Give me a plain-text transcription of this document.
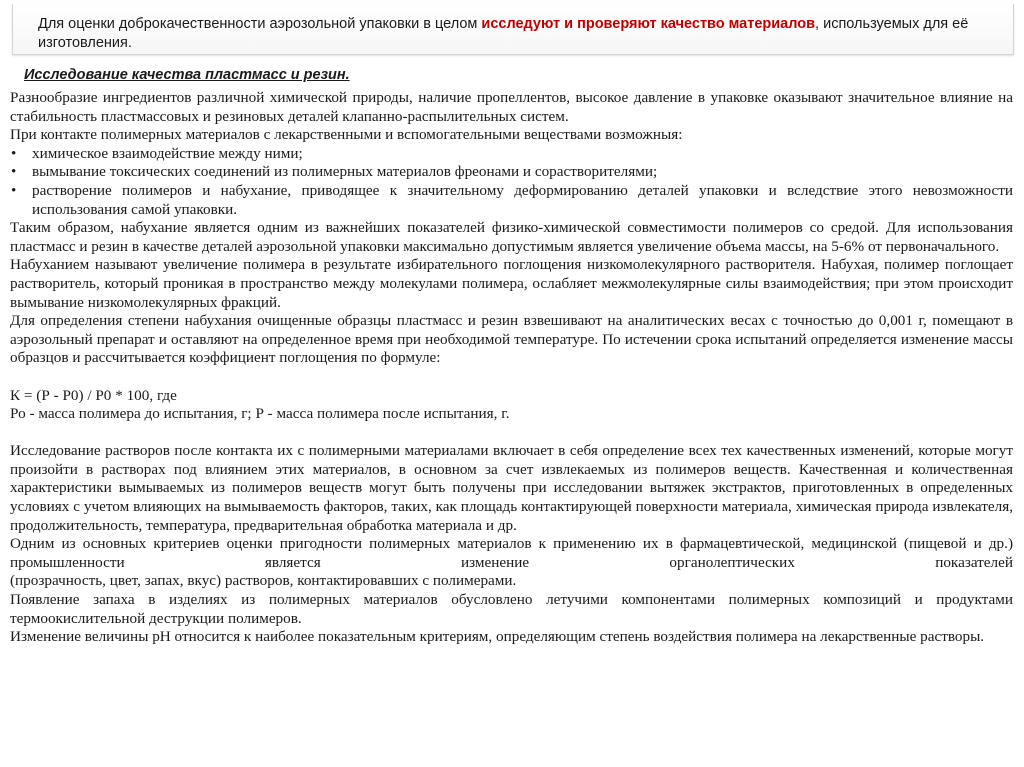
Для оценки доброкачественности аэрозольной упаковки в целом исследуют и проверяют качество материалов, используемых для её изготовления.

Исследование качества пластмасс и резин.

Разнообразие ингредиентов различной химической природы, наличие пропеллентов, высокое давление в упаковке оказывают значительное влияние на стабильность пластмассовых и резиновых деталей клапанно-распылительных систем.

При контакте полимерных материалов с лекарственными и вспомогательными веществами возможныя:

• химическое взаимодействие между ними;
• вымывание токсических соединений из полимерных материалов фреонами и сорастворителями;
• растворение полимеров и набухание, приводящее к значительному деформированию деталей упаковки и вследствие этого невозможности использования самой упаковки.

Таким образом, набухание является одним из важнейших показателей физико-химической совместимости полимеров со средой. Для использования пластмасс и резин в качестве деталей аэрозольной упаковки максимально допустимым является увеличение объема массы, на 5-6% от первоначального.

Набуханием называют увеличение полимера в результате избирательного поглощения низкомолекулярного растворителя. Набухая, полимер поглощает растворитель, который проникая в пространство между молекулами полимера, ослабляет межмолекулярные силы взаимодействия; при этом происходит вымывание низкомолекулярных фракций.

Для определения степени набухания очищенные образцы пластмасс и резин взвешивают на аналитических весах с точностью до 0,001 г, помещают в аэрозольный препарат и оставляют на определенное время при необходимой температуре. По истечении срока испытаний определяется изменение массы образцов и рассчитывается коэффициент поглощения по формуле:

К = (Р - Р0) / Р0 * 100, где

Ро - масса полимера до испытания, г; Р - масса полимера после испытания, г.

Исследование растворов после контакта их с полимерными материалами включает в себя определение всех тех качественных изменений, которые могут произойти в растворах под влиянием этих материалов, в основном за счет извлекаемых из полимеров веществ. Качественная и количественная характеристики вымываемых из полимеров веществ могут быть получены при исследовании вытяжек экстрактов, приготовленных в определенных условиях с учетом влияющих на вымываемость факторов, таких, как площадь контактирующей поверхности материала, химическая природа извлекателя, продолжительность, температура, предварительная обработка материала и др.

Одним из основных критериев оценки пригодности полимерных материалов к применению их в фармацевтической, медицинской (пищевой и др.) промышленности является изменение органолептических показателей

(прозрачность, цвет, запах, вкус) растворов, контактировавших с полимерами.

Появление запаха в изделиях из полимерных материалов обусловлено летучими компонентами полимерных композиций и продуктами термоокислительной деструкции полимеров.

Изменение величины рН относится к наиболее показательным критериям, определяющим степень воздействия полимера на лекарственные растворы.
